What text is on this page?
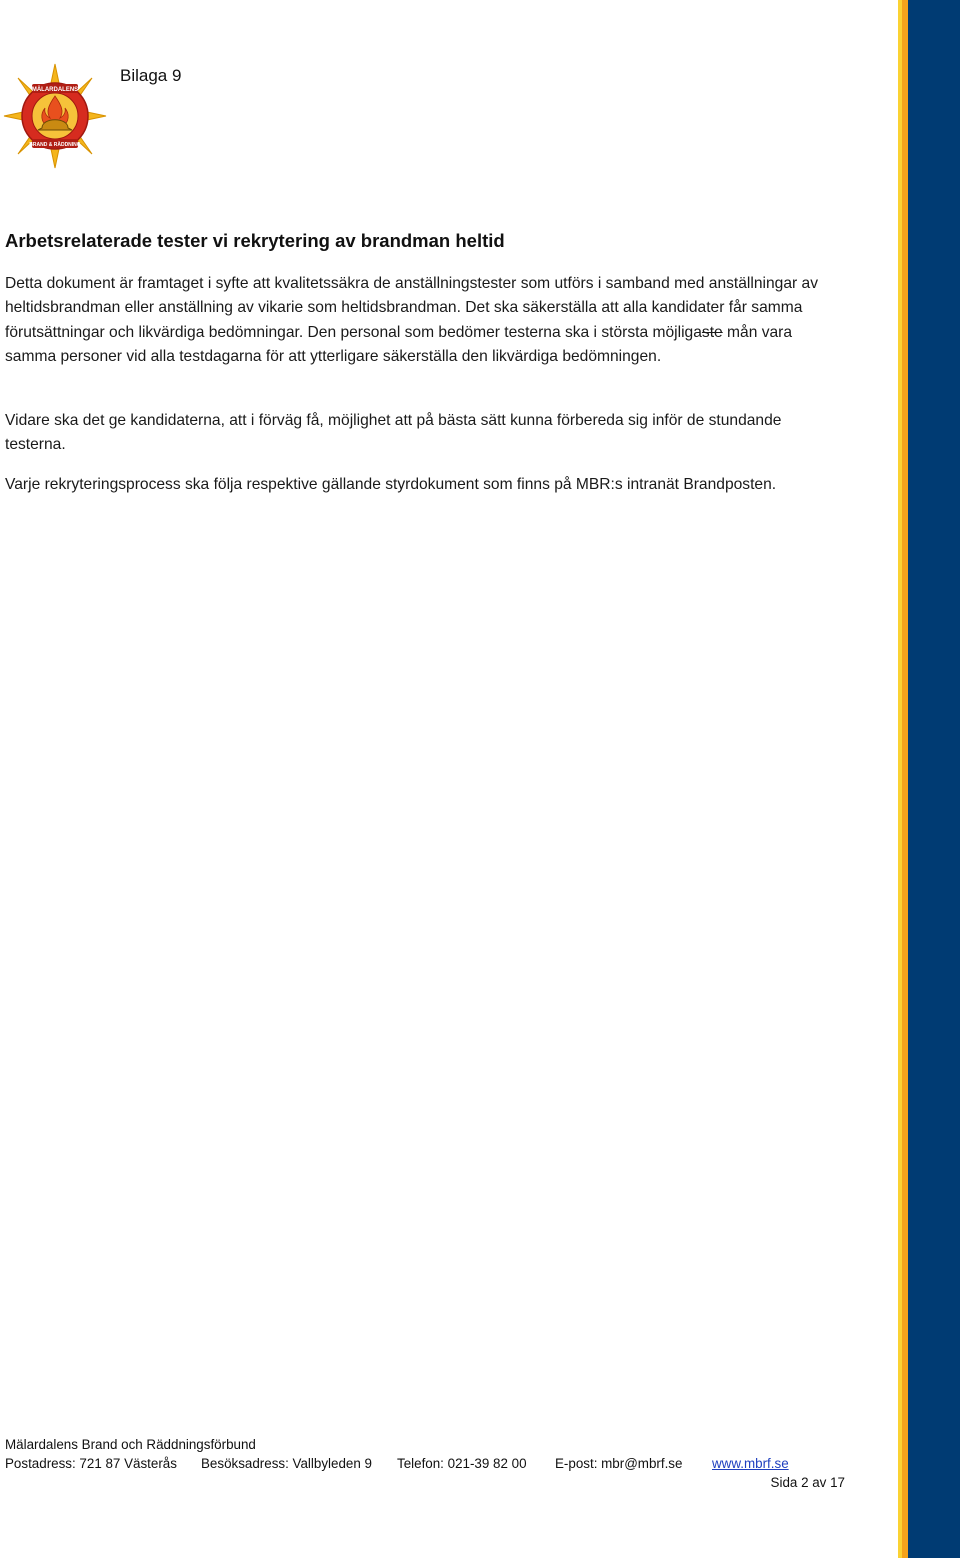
MÄLARDALENS
BRAND & RÄDDNING
Bilaga 9
Arbetsrelaterade tester vi rekrytering av brandman heltid

Detta dokument är framtaget i syfte att kvalitetssäkra de anställningstester som utförs i samband med anställningar av heltidsbrandman eller anställning av vikarie som heltidsbrandman. Det ska säkerställa att alla kandidater får samma förutsättningar och likvärdiga bedömningar. Den personal som bedömer testerna ska i största möjligaste mån vara samma personer vid alla testdagarna för att ytterligare säkerställa den likvärdiga bedömningen.

Vidare ska det ge kandidaterna, att i förväg få, möjlighet att på bästa sätt kunna förbereda sig inför de stundande testerna.

Varje rekryteringsprocess ska följa respektive gällande styrdokument som finns på MBR:s intranät Brandposten.

Mälardalens Brand och Räddningsförbund
Postadress: 721 87 Västerås Besöksadress: Vallbyleden 9 Telefon: 021-39 82 00 E-post: mbr@mbrf.se www.mbrf.se
Sida 2 av 17
